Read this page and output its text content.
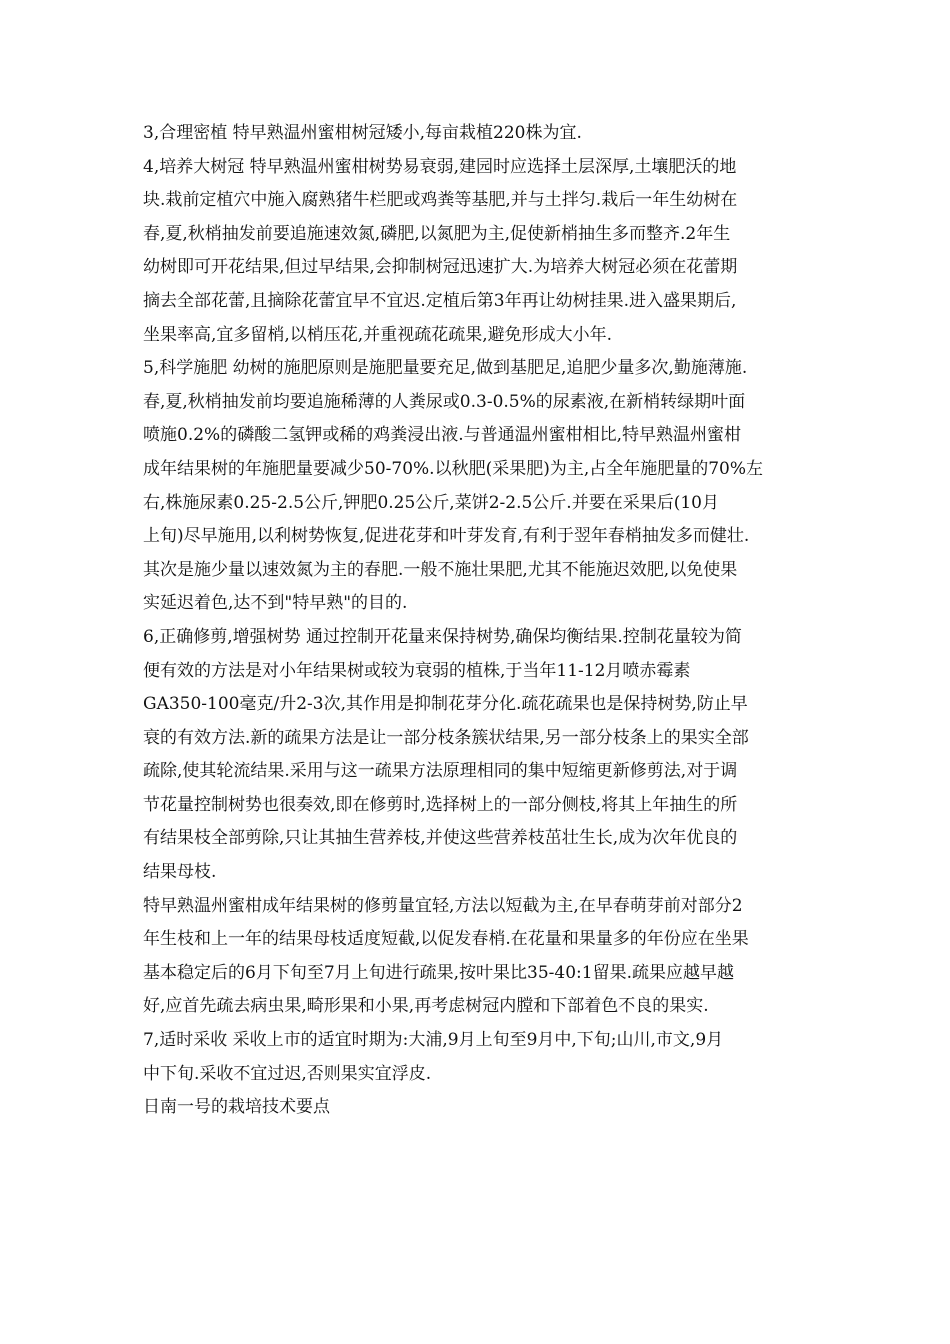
3,合理密植 特早熟温州蜜柑树冠矮小,每亩栽植220株为宜.
4,培养大树冠 特早熟温州蜜柑树势易衰弱,建园时应选择土层深厚,土壤肥沃的地
块.栽前定植穴中施入腐熟猪牛栏肥或鸡粪等基肥,并与土拌匀.栽后一年生幼树在
春,夏,秋梢抽发前要追施速效氮,磷肥,以氮肥为主,促使新梢抽生多而整齐.2年生
幼树即可开花结果,但过早结果,会抑制树冠迅速扩大.为培养大树冠必须在花蕾期
摘去全部花蕾,且摘除花蕾宜早不宜迟.定植后第3年再让幼树挂果.进入盛果期后,
坐果率高,宜多留梢,以梢压花,并重视疏花疏果,避免形成大小年.
5,科学施肥 幼树的施肥原则是施肥量要充足,做到基肥足,追肥少量多次,勤施薄施.
春,夏,秋梢抽发前均要追施稀薄的人粪尿或0.3-0.5%的尿素液,在新梢转绿期叶面
喷施0.2%的磷酸二氢钾或稀的鸡粪浸出液.与普通温州蜜柑相比,特早熟温州蜜柑
成年结果树的年施肥量要减少50-70%.以秋肥(采果肥)为主,占全年施肥量的70%左
右,株施尿素0.25-2.5公斤,钾肥0.25公斤,菜饼2-2.5公斤.并要在采果后(10月
上旬)尽早施用,以利树势恢复,促进花芽和叶芽发育,有利于翌年春梢抽发多而健壮.
其次是施少量以速效氮为主的春肥.一般不施壮果肥,尤其不能施迟效肥,以免使果
实延迟着色,达不到"特早熟"的目的.
6,正确修剪,增强树势 通过控制开花量来保持树势,确保均衡结果.控制花量较为简
便有效的方法是对小年结果树或较为衰弱的植株,于当年11-12月喷赤霉素
GA350-100毫克/升2-3次,其作用是抑制花芽分化.疏花疏果也是保持树势,防止早
衰的有效方法.新的疏果方法是让一部分枝条簇状结果,另一部分枝条上的果实全部
疏除,使其轮流结果.采用与这一疏果方法原理相同的集中短缩更新修剪法,对于调
节花量控制树势也很奏效,即在修剪时,选择树上的一部分侧枝,将其上年抽生的所
有结果枝全部剪除,只让其抽生营养枝,并使这些营养枝茁壮生长,成为次年优良的
结果母枝.
特早熟温州蜜柑成年结果树的修剪量宜轻,方法以短截为主,在早春萌芽前对部分2
年生枝和上一年的结果母枝适度短截,以促发春梢.在花量和果量多的年份应在坐果
基本稳定后的6月下旬至7月上旬进行疏果,按叶果比35-40:1留果.疏果应越早越
好,应首先疏去病虫果,畸形果和小果,再考虑树冠内膛和下部着色不良的果实.
7,适时采收 采收上市的适宜时期为:大浦,9月上旬至9月中,下旬;山川,市文,9月
中下旬.采收不宜过迟,否则果实宜浮皮.
日南一号的栽培技术要点
